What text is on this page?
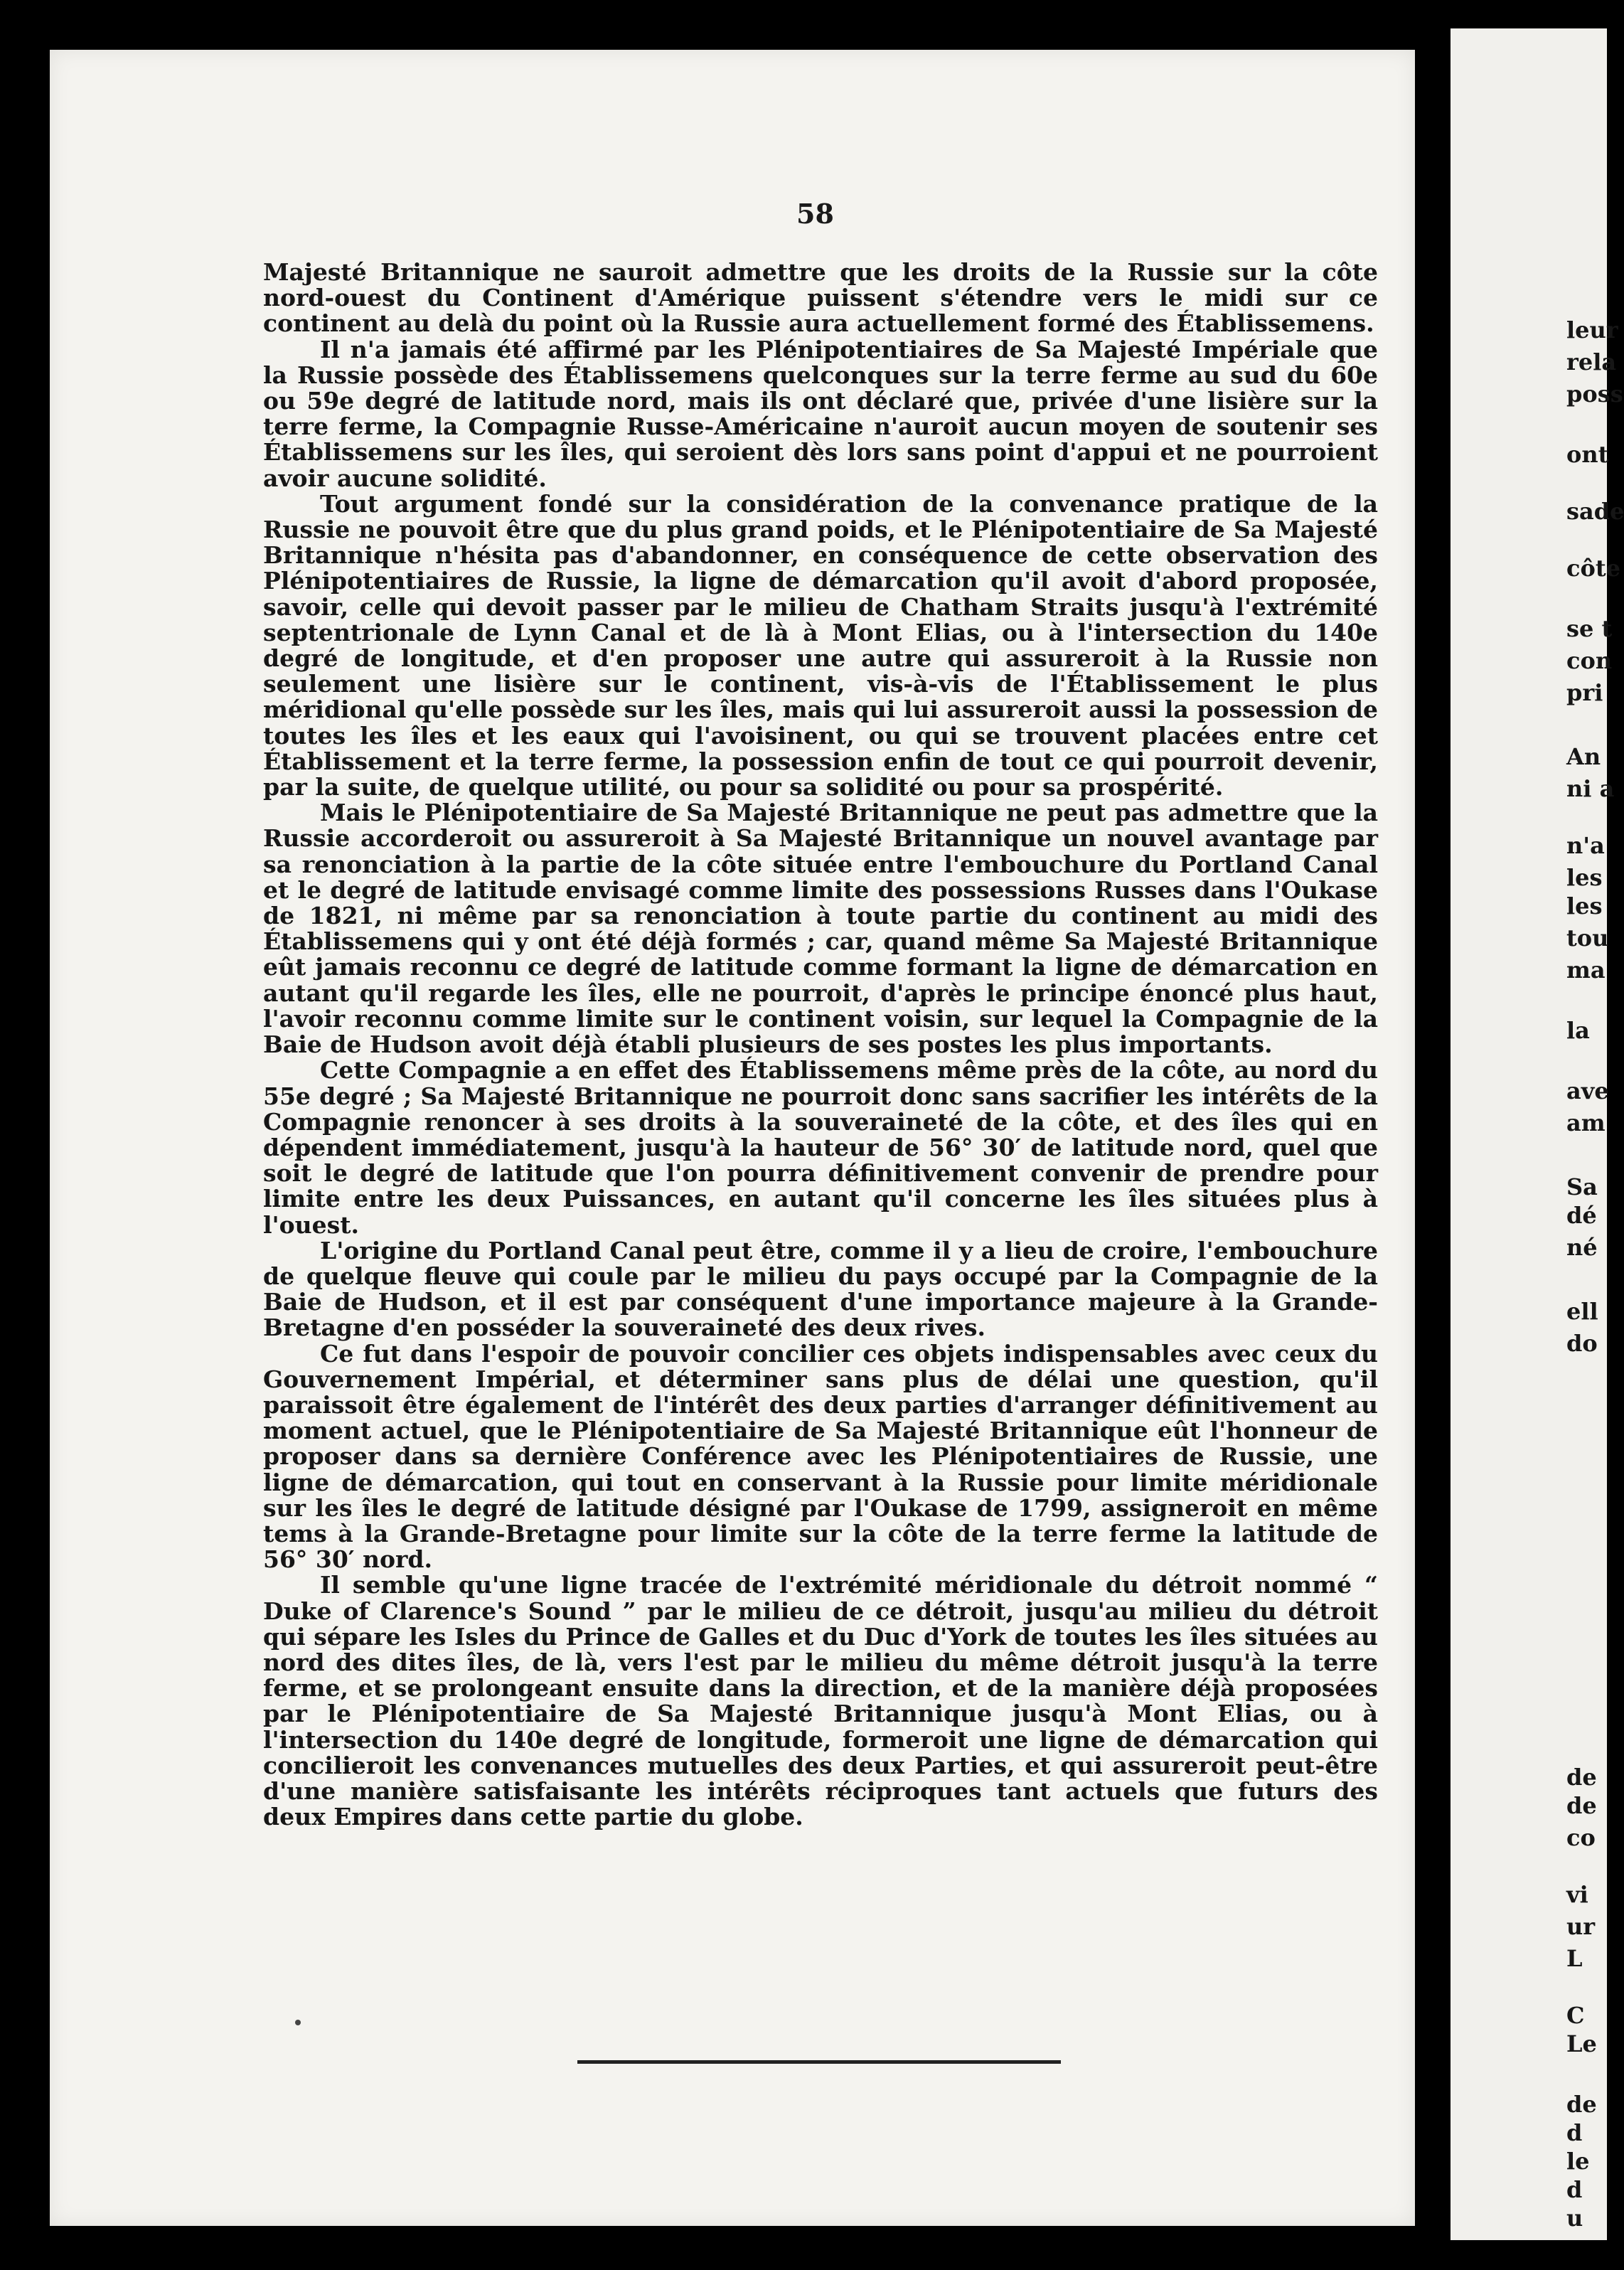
58

Majesté Britannique ne sauroit admettre que les droits de la Russie sur la côte nord-ouest du Continent d'Amérique puissent s'étendre vers le midi sur ce continent au delà du point où la Russie aura actuellement formé des Établissemens.

Il n'a jamais été affirmé par les Plénipotentiaires de Sa Majesté Impériale que la Russie possède des Établissemens quelconques sur la terre ferme au sud du 60e ou 59e degré de latitude nord, mais ils ont déclaré que, privée d'une lisière sur la terre ferme, la Compagnie Russe-Américaine n'auroit aucun moyen de soutenir ses Établissemens sur les îles, qui seroient dès lors sans point d'appui et ne pourroient avoir aucune solidité.

Tout argument fondé sur la considération de la convenance pratique de la Russie ne pouvoit être que du plus grand poids, et le Plénipotentiaire de Sa Majesté Britannique n'hésita pas d'abandonner, en conséquence de cette observation des Plénipotentiaires de Russie, la ligne de démarcation qu'il avoit d'abord proposée, savoir, celle qui devoit passer par le milieu de Chatham Straits jusqu'à l'extrémité septentrionale de Lynn Canal et de là à Mont Elias, ou à l'intersection du 140e degré de longitude, et d'en proposer une autre qui assureroit à la Russie non seulement une lisière sur le continent, vis-à-vis de l'Établissement le plus méridional qu'elle possède sur les îles, mais qui lui assureroit aussi la possession de toutes les îles et les eaux qui l'avoisinent, ou qui se trouvent placées entre cet Établissement et la terre ferme, la possession enfin de tout ce qui pourroit devenir, par la suite, de quelque utilité, ou pour sa solidité ou pour sa prospérité.

Mais le Plénipotentiaire de Sa Majesté Britannique ne peut pas admettre que la Russie accorderoit ou assureroit à Sa Majesté Britannique un nouvel avantage par sa renonciation à la partie de la côte située entre l'embouchure du Portland Canal et le degré de latitude envisagé comme limite des possessions Russes dans l'Oukase de 1821, ni même par sa renonciation à toute partie du continent au midi des Établissemens qui y ont été déjà formés ; car, quand même Sa Majesté Britannique eût jamais reconnu ce degré de latitude comme formant la ligne de démarcation en autant qu'il regarde les îles, elle ne pourroit, d'après le principe énoncé plus haut, l'avoir reconnu comme limite sur le continent voisin, sur lequel la Compagnie de la Baie de Hudson avoit déjà établi plusieurs de ses postes les plus importants.

Cette Compagnie a en effet des Établissemens même près de la côte, au nord du 55e degré ; Sa Majesté Britannique ne pourroit donc sans sacrifier les intérêts de la Compagnie renoncer à ses droits à la souveraineté de la côte, et des îles qui en dépendent immédiatement, jusqu'à la hauteur de 56° 30′ de latitude nord, quel que soit le degré de latitude que l'on pourra définitivement convenir de prendre pour limite entre les deux Puissances, en autant qu'il concerne les îles situées plus à l'ouest.

L'origine du Portland Canal peut être, comme il y a lieu de croire, l'embouchure de quelque fleuve qui coule par le milieu du pays occupé par la Compagnie de la Baie de Hudson, et il est par conséquent d'une importance majeure à la Grande-Bretagne d'en posséder la souveraineté des deux rives.

Ce fut dans l'espoir de pouvoir concilier ces objets indispensables avec ceux du Gouvernement Impérial, et déterminer sans plus de délai une question, qu'il paraissoit être également de l'intérêt des deux parties d'arranger définitivement au moment actuel, que le Plénipotentiaire de Sa Majesté Britannique eût l'honneur de proposer dans sa dernière Conférence avec les Plénipotentiaires de Russie, une ligne de démarcation, qui tout en conservant à la Russie pour limite méridionale sur les îles le degré de latitude désigné par l'Oukase de 1799, assigneroit en même tems à la Grande-Bretagne pour limite sur la côte de la terre ferme la latitude de 56° 30′ nord.

Il semble qu'une ligne tracée de l'extrémité méridionale du détroit nommé “ Duke of Clarence's Sound ” par le milieu de ce détroit, jusqu'au milieu du détroit qui sépare les Isles du Prince de Galles et du Duc d'York de toutes les îles situées au nord des dites îles, de là, vers l'est par le milieu du même détroit jusqu'à la terre ferme, et se prolongeant ensuite dans la direction, et de la manière déjà proposées par le Plénipotentiaire de Sa Majesté Britannique jusqu'à Mont Elias, ou à l'intersection du 140e degré de longitude, formeroit une ligne de démarcation qui concilieroit les convenances mutuelles des deux Parties, et qui assureroit peut-être d'une manière satisfaisante les intérêts réciproques tant actuels que futurs des deux Empires dans cette partie du globe.

leur
rela
poss
ont
sade
côte
se t
con
pri
An
ni a
n'a
les
les
tou
ma
la
ave
am
Sa
dé
né
ell
do
de
de
co
vi
ur
L
C
Le
de
d
le
d
u
